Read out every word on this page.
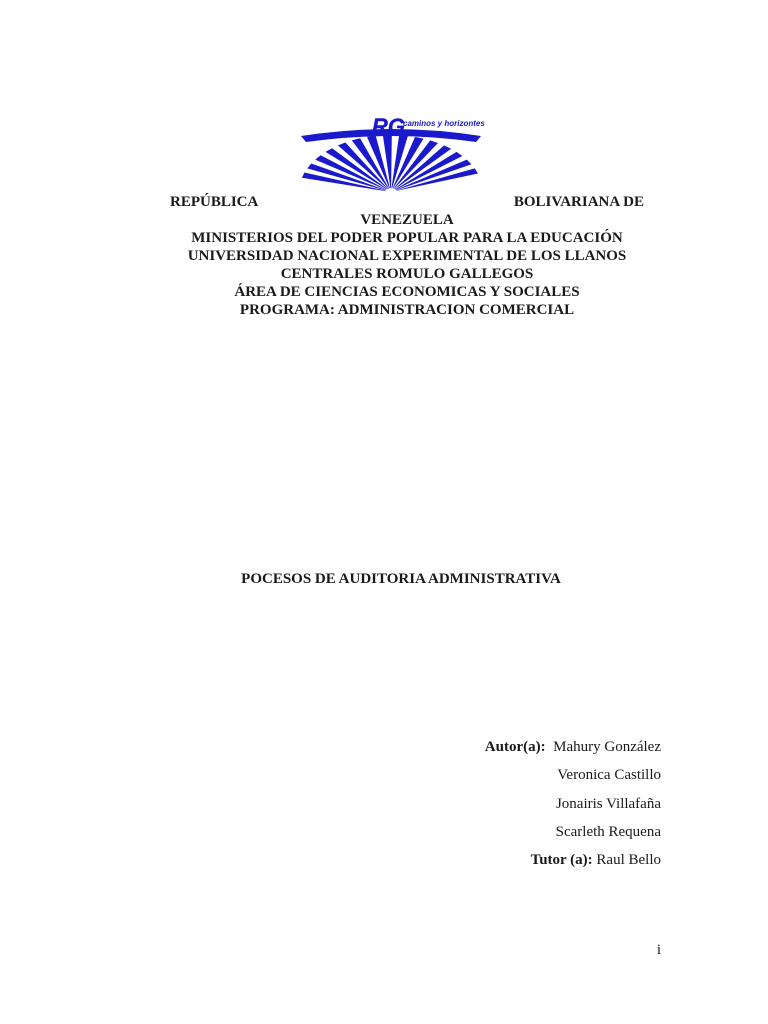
RG
caminos y horizontes
REPÚBLICA	BOLIVARIANA DE
VENEZUELA
MINISTERIOS DEL PODER POPULAR PARA LA EDUCACIÓN
UNIVERSIDAD NACIONAL EXPERIMENTAL DE LOS LLANOS
CENTRALES ROMULO GALLEGOS
ÁREA DE CIENCIAS ECONOMICAS Y SOCIALES
PROGRAMA: ADMINISTRACION COMERCIAL
POCESOS DE AUDITORIA ADMINISTRATIVA
Autor(a): Mahury González
Veronica Castillo
Jonairis Villafaña
Scarleth Requena
Tutor (a): Raul Bello
i
